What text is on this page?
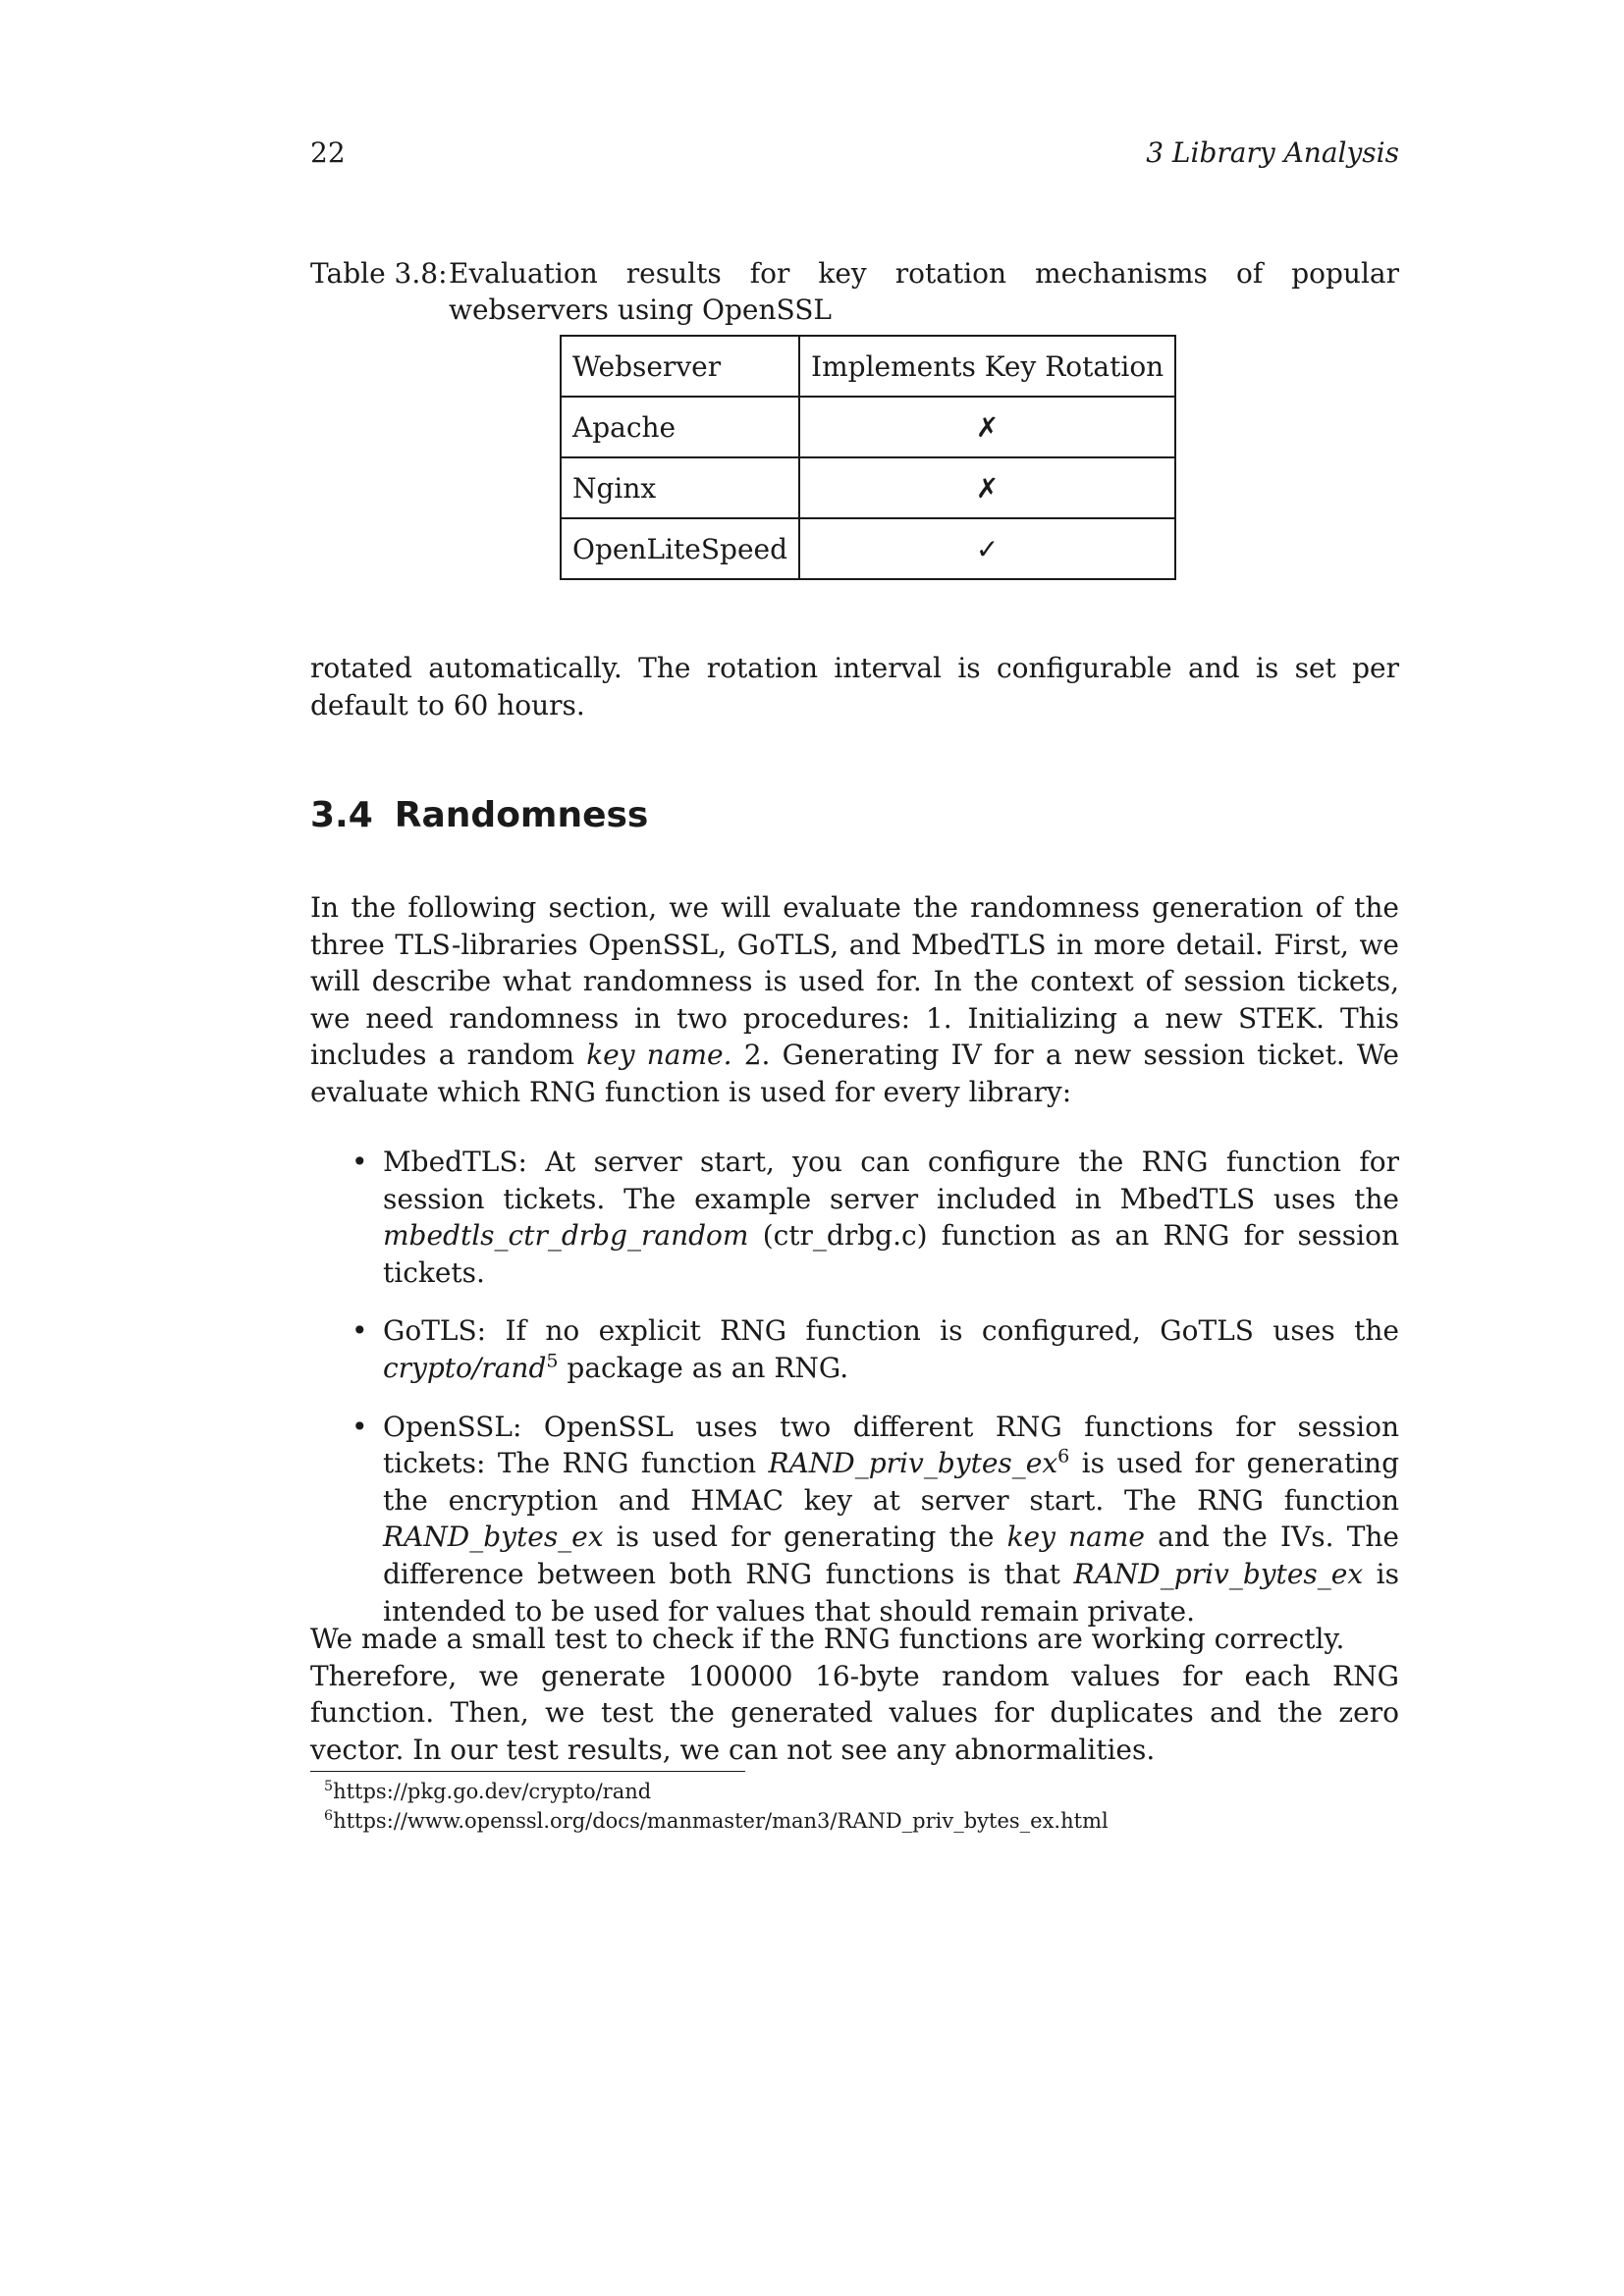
22	3 Library Analysis
Table 3.8: Evaluation results for key rotation mechanisms of popular webservers using OpenSSL
Webserver	Implements Key Rotation
Apache	✗
Nginx	✗
OpenLiteSpeed	✓

rotated automatically. The rotation interval is configurable and is set per default to 60 hours.

3.4 Randomness

In the following section, we will evaluate the randomness generation of the three TLS-libraries OpenSSL, GoTLS, and MbedTLS in more detail. First, we will describe what randomness is used for. In the context of session tickets, we need randomness in two procedures: 1. Initializing a new STEK. This includes a random key name. 2. Generating IV for a new session ticket. We evaluate which RNG function is used for every library:

• MbedTLS: At server start, you can configure the RNG function for session tickets. The example server included in MbedTLS uses the mbedtls_ctr_drbg_random (ctr_drbg.c) function as an RNG for session tickets.
• GoTLS: If no explicit RNG function is configured, GoTLS uses the crypto/rand$^5$ package as an RNG.
• OpenSSL: OpenSSL uses two different RNG functions for session tickets: The RNG function $RAND\_priv\_bytes\_ex^6$ is used for generating the encryption and HMAC key at server start. The RNG function RAND_bytes_ex is used for generating the key name and the IVs. The difference between both RNG functions is that RAND_priv_bytes_ex is intended to be used for values that should remain private.
We made a small test to check if the RNG functions are working correctly.
Therefore, we generate 100000 16-byte random values for each RNG function. Then, we test the generated values for duplicates and the zero vector. In our test results, we can not see any abnormalities.
$^5$https://pkg.go.dev/crypto/rand
$^6$https://www.openssl.org/docs/manmaster/man3/RAND_priv_bytes_ex.html
